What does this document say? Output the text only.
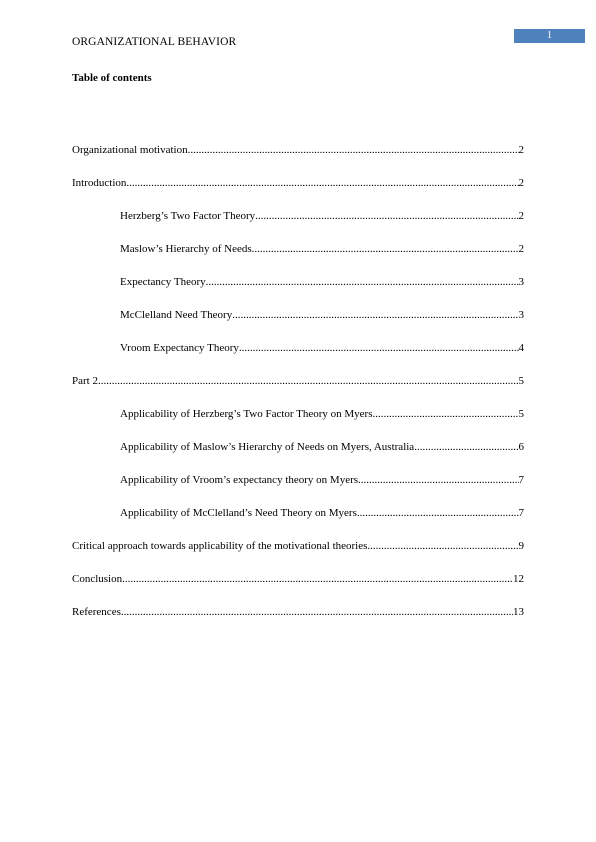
1
ORGANIZATIONAL BEHAVIOR
Table of contents
Organizational motivation .....	2
Introduction .....	2
Herzberg’s Two Factor Theory .....	2
Maslow’s Hierarchy of Needs .....	2
Expectancy Theory .....	3
McClelland Need Theory .....	3
Vroom Expectancy Theory .....	4
Part 2 .....	5
Applicability of Herzberg’s Two Factor Theory on Myers .....	5
Applicability of Maslow’s Hierarchy of Needs on Myers, Australia .....	6
Applicability of Vroom’s expectancy theory on Myers .....	7
Applicability of McClelland’s Need Theory on Myers .....	7
Critical approach towards applicability of the motivational theories .....	9
Conclusion .....	12
References .....	13
